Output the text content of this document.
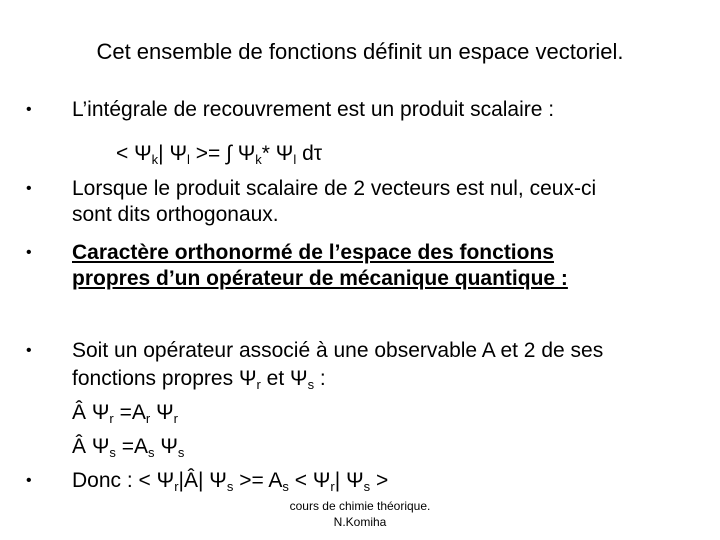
Cet ensemble de fonctions définit un espace vectoriel.
• L’intégrale de recouvrement est un produit scalaire :
< $\Psi_k|$ $\Psi_l$ >= ∫ $\Psi_k*$ $\Psi_l$ dτ
• Lorsque le produit scalaire de 2 vecteurs est nul, ceux-ci
sont dits orthogonaux.
• Caractère orthonormé de l’espace des fonctions
propres d’un opérateur de mécanique quantique :
• Soit un opérateur associé à une observable A et 2 de ses
fonctions propres $\Psi_r$ et $\Psi_s$ :
Â $\Psi_r =A_r$ $\Psi_r$
Â $\Psi_s =A_s$ $\Psi_s$
• Donc : < $\Psi_r|Â|$ $\Psi_s >= A_s < \Psi_r|$ $\Psi_s$ >
cours de chimie théorique.
N.Komiha
